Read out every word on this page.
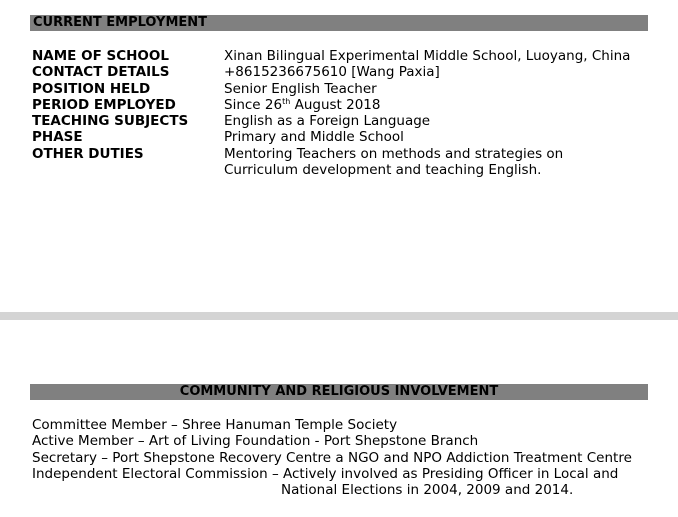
CURRENT EMPLOYMENT
NAME OF SCHOOL	Xinan Bilingual Experimental Middle School, Luoyang, China
CONTACT DETAILS	+8615236675610 [Wang Paxia]
POSITION HELD	Senior English Teacher
PERIOD EMPLOYED	Since 26th August 2018
TEACHING SUBJECTS	English as a Foreign Language
PHASE	Primary and Middle School
OTHER DUTIES	Mentoring Teachers on methods and strategies on
Curriculum development and teaching English.
COMMUNITY AND RELIGIOUS INVOLVEMENT
Committee Member – Shree Hanuman Temple Society
Active Member – Art of Living Foundation - Port Shepstone Branch
Secretary – Port Shepstone Recovery Centre a NGO and NPO Addiction Treatment Centre
Independent Electoral Commission – Actively involved as Presiding Officer in Local and
National Elections in 2004, 2009 and 2014.
